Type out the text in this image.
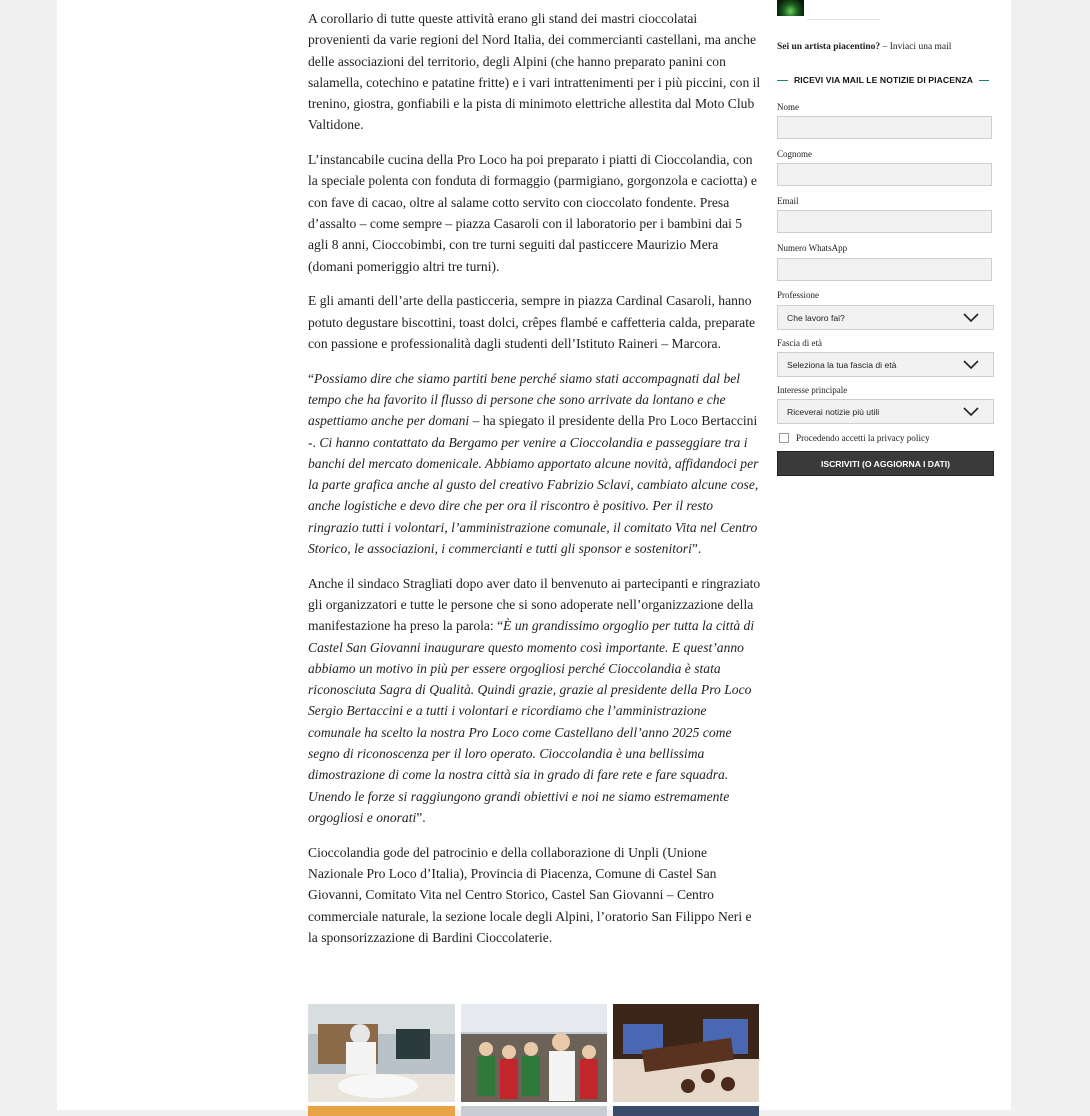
A corollario di tutte queste attività erano gli stand dei mastri cioccolatai provenienti da varie regioni del Nord Italia, dei commercianti castellani, ma anche delle associazioni del territorio, degli Alpini (che hanno preparato panini con salamella, cotechino e patatine fritte) e i vari intrattenimenti per i più piccini, con il trenino, giostra, gonfiabili e la pista di minimoto elettriche allestita dal Moto Club Valtidone.

L’instancabile cucina della Pro Loco ha poi preparato i piatti di Cioccolandia, con la speciale polenta con fonduta di formaggio (parmigiano, gorgonzola e caciotta) e con fave di cacao, oltre al salame cotto servito con cioccolato fondente. Presa d’assalto – come sempre – piazza Casaroli con il laboratorio per i bambini dai 5 agli 8 anni, Cioccobimbi, con tre turni seguiti dal pasticcere Maurizio Mera (domani pomeriggio altri tre turni).

E gli amanti dell’arte della pasticceria, sempre in piazza Cardinal Casaroli, hanno potuto degustare biscottini, toast dolci, crêpes flambé e caffetteria calda, preparate con passione e professionalità dagli studenti dell’Istituto Raineri – Marcora.

“Possiamo dire che siamo partiti bene perché siamo stati accompagnati dal bel tempo che ha favorito il flusso di persone che sono arrivate da lontano e che aspettiamo anche per domani – ha spiegato il presidente della Pro Loco Bertaccini -. Ci hanno contattato da Bergamo per venire a Cioccolandia e passeggiare tra i banchi del mercato domenicale. Abbiamo apportato alcune novità, affidandoci per la parte grafica anche al gusto del creativo Fabrizio Sclavi, cambiato alcune cose, anche logistiche e devo dire che per ora il riscontro è positivo. Per il resto ringrazio tutti i volontari, l’amministrazione comunale, il comitato Vita nel Centro Storico, le associazioni, i commercianti e tutti gli sponsor e sostenitori”.

Anche il sindaco Stragliati dopo aver dato il benvenuto ai partecipanti e ringraziato gli organizzatori e tutte le persone che si sono adoperate nell’organizzazione della manifestazione ha preso la parola: “È un grandissimo orgoglio per tutta la città di Castel San Giovanni inaugurare questo momento così importante. E quest’anno abbiamo un motivo in più per essere orgogliosi perché Cioccolandia è stata riconosciuta Sagra di Qualità. Quindi grazie, grazie al presidente della Pro Loco Sergio Bertaccini e a tutti i volontari e ricordiamo che l’amministrazione comunale ha scelto la nostra Pro Loco come Castellano dell’anno 2025 come segno di riconoscenza per il loro operato. Cioccolandia è una bellissima dimostrazione di come la nostra città sia in grado di fare rete e fare squadra. Unendo le forze si raggiungono grandi obiettivi e noi ne siamo estremamente orgogliosi e onorati”.

Cioccolandia gode del patrocinio e della collaborazione di Unpli (Unione Nazionale Pro Loco d’Italia), Provincia di Piacenza, Comune di Castel San Giovanni, Comitato Vita nel Centro Storico, Castel San Giovanni – Centro commerciale naturale, la sezione locale degli Alpini, l’oratorio San Filippo Neri e la sponsorizzazione di Bardini Cioccolaterie.

Sei un artista piacentino? – Inviaci una mail
RICEVI VIA MAIL LE NOTIZIE DI PIACENZA
Nome
Cognome
Email
Numero WhatsApp
Professione
Che lavoro fai?
Fascia di età
Seleziona la tua fascia di età
Interesse principale
Riceverai notizie più utili
Procedendo accetti la privacy policy
ISCRIVITI (O AGGIORNA I DATI)
